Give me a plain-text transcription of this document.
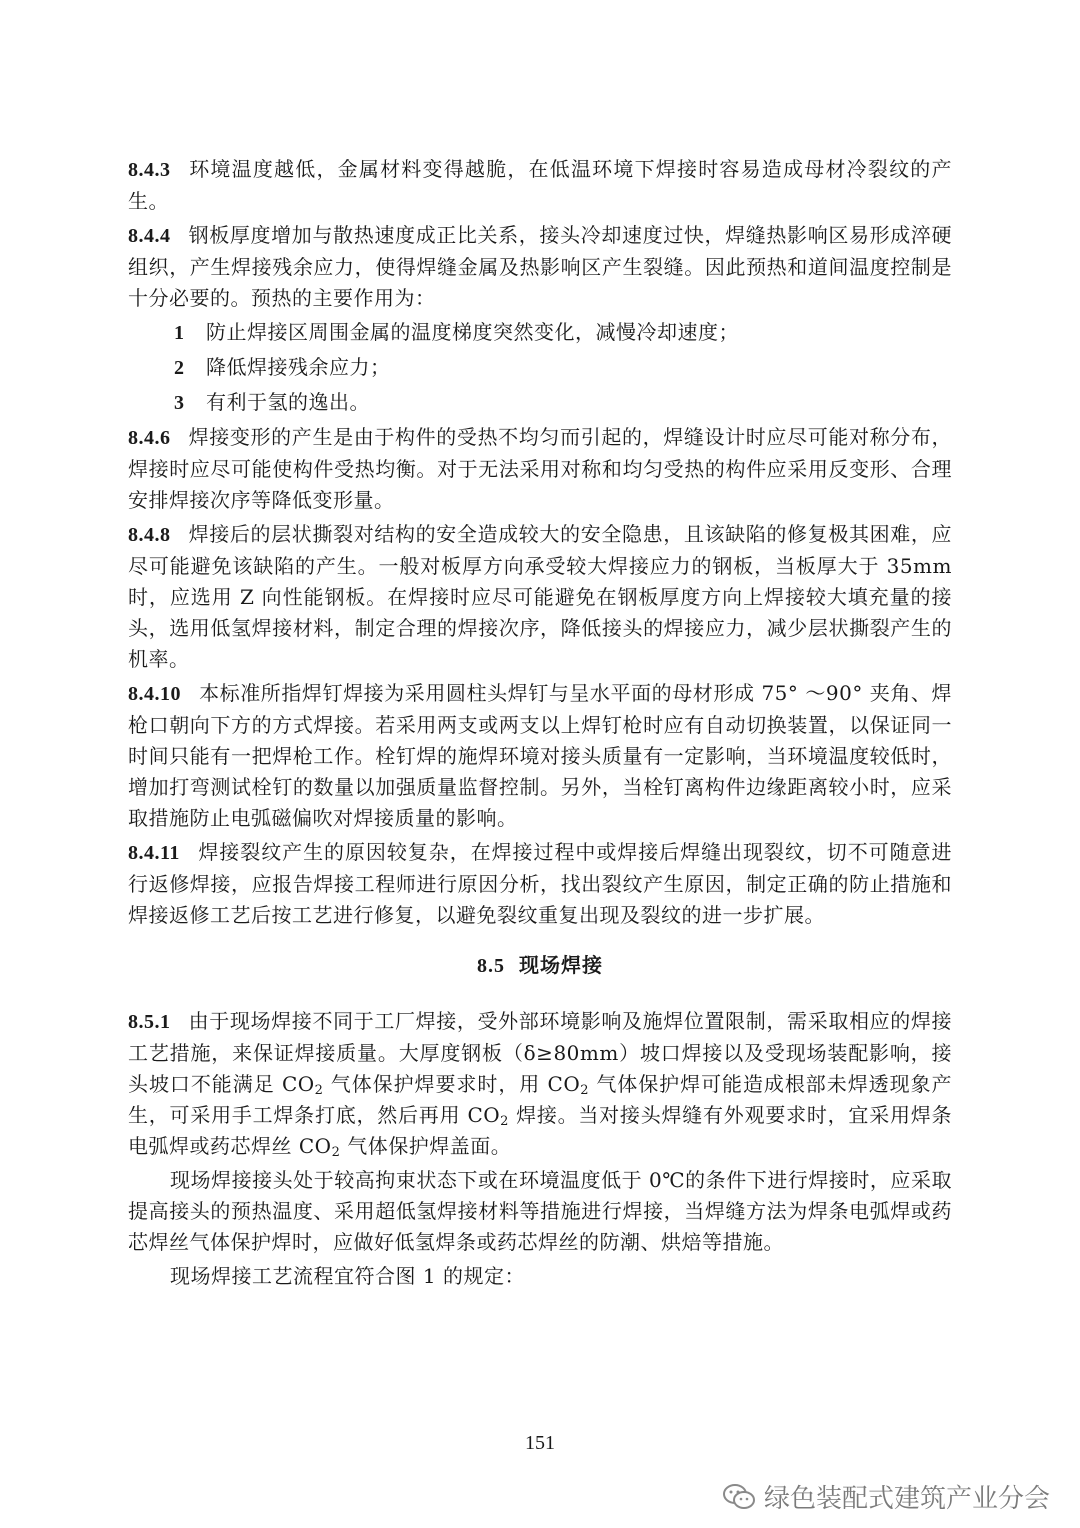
8.4.3 环境温度越低，金属材料变得越脆，在低温环境下焊接时容易造成母材冷裂纹的产生。

8.4.4 钢板厚度增加与散热速度成正比关系，接头冷却速度过快，焊缝热影响区易形成淬硬组织，产生焊接残余应力，使得焊缝金属及热影响区产生裂缝。因此预热和道间温度控制是十分必要的。预热的主要作用为：

1 防止焊接区周围金属的温度梯度突然变化，减慢冷却速度；
2 降低焊接残余应力；
3 有利于氢的逸出。

8.4.6 焊接变形的产生是由于构件的受热不均匀而引起的，焊缝设计时应尽可能对称分布，焊接时应尽可能使构件受热均衡。对于无法采用对称和均匀受热的构件应采用反变形、合理安排焊接次序等降低变形量。

8.4.8 焊接后的层状撕裂对结构的安全造成较大的安全隐患，且该缺陷的修复极其困难，应尽可能避免该缺陷的产生。一般对板厚方向承受较大焊接应力的钢板，当板厚大于 35mm 时，应选用 Z 向性能钢板。在焊接时应尽可能避免在钢板厚度方向上焊接较大填充量的接头，选用低氢焊接材料，制定合理的焊接次序，降低接头的焊接应力，减少层状撕裂产生的机率。

8.4.10 本标准所指焊钉焊接为采用圆柱头焊钉与呈水平面的母材形成 75° ～90° 夹角、焊枪口朝向下方的方式焊接。若采用两支或两支以上焊钉枪时应有自动切换装置，以保证同一时间只能有一把焊枪工作。栓钉焊的施焊环境对接头质量有一定影响，当环境温度较低时，增加打弯测试栓钉的数量以加强质量监督控制。另外，当栓钉离构件边缘距离较小时，应采取措施防止电弧磁偏吹对焊接质量的影响。

8.4.11 焊接裂纹产生的原因较复杂，在焊接过程中或焊接后焊缝出现裂纹，切不可随意进行返修焊接，应报告焊接工程师进行原因分析，找出裂纹产生原因，制定正确的防止措施和焊接返修工艺后按工艺进行修复，以避免裂纹重复出现及裂纹的进一步扩展。

8.5 现场焊接

8.5.1 由于现场焊接不同于工厂焊接，受外部环境影响及施焊位置限制，需采取相应的焊接工艺措施，来保证焊接质量。大厚度钢板（δ≥80mm）坡口焊接以及受现场装配影响，接头坡口不能满足 $CO_2$ 气体保护焊要求时，用 $CO_2$ 气体保护焊可能造成根部未焊透现象产生，可采用手工焊条打底，然后再用 $CO_2$ 焊接。当对接头焊缝有外观要求时，宜采用焊条电弧焊或药芯焊丝 $CO_2$ 气体保护焊盖面。

现场焊接接头处于较高拘束状态下或在环境温度低于 0℃的条件下进行焊接时，应采取提高接头的预热温度、采用超低氢焊接材料等措施进行焊接，当焊缝方法为焊条电弧焊或药芯焊丝气体保护焊时，应做好低氢焊条或药芯焊丝的防潮、烘焙等措施。

现场焊接工艺流程宜符合图 1 的规定：

151
绿色装配式建筑产业分会
